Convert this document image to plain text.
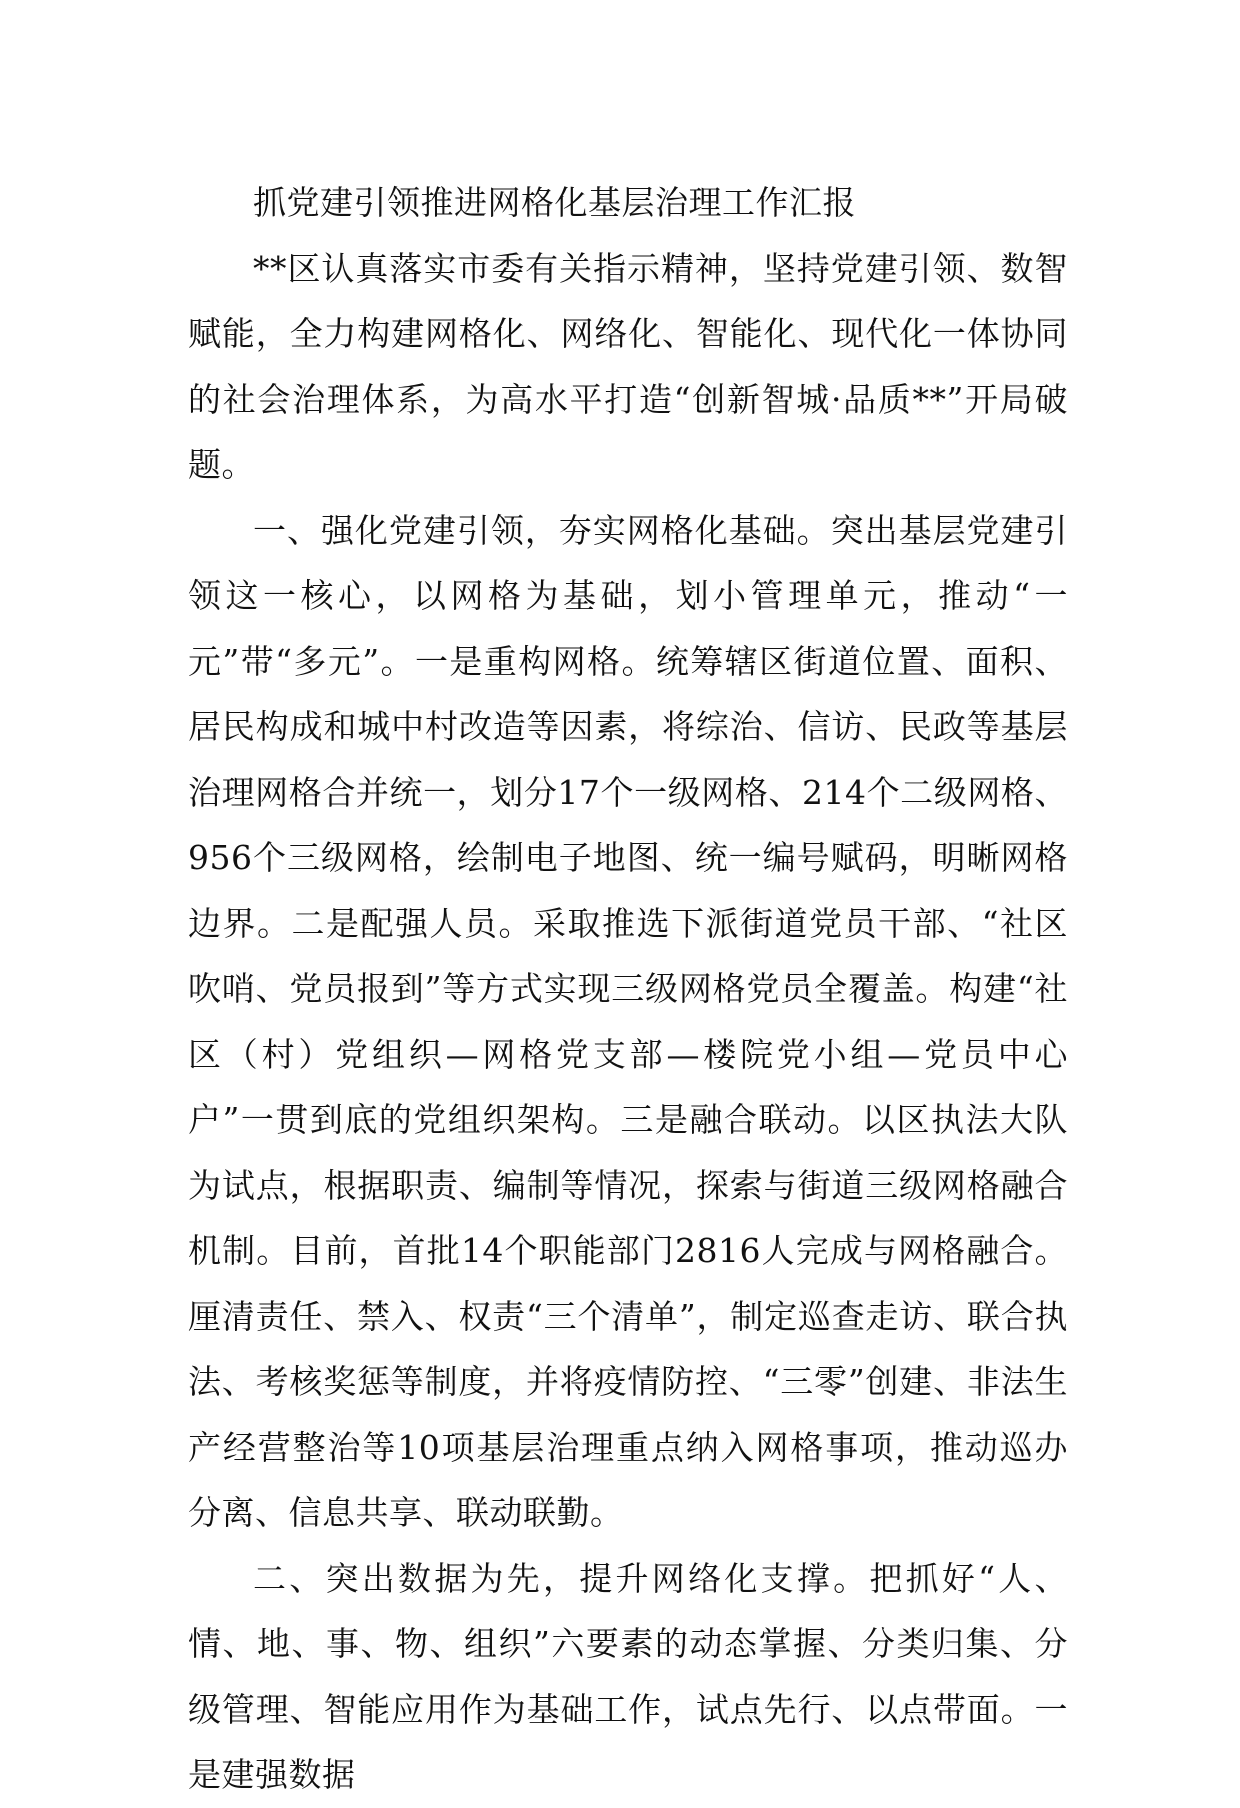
抓党建引领推进网格化基层治理工作汇报

**区认真落实市委有关指示精神，坚持党建引领、数智赋能，全力构建网格化、网络化、智能化、现代化一体协同的社会治理体系，为高水平打造“创新智城·品质**”开局破题。

一、强化党建引领，夯实网格化基础。突出基层党建引领这一核心，以网格为基础，划小管理单元，推动“一元”带“多元”。一是重构网格。统筹辖区街道位置、面积、居民构成和城中村改造等因素，将综治、信访、民政等基层治理网格合并统一，划分17个一级网格、214个二级网格、956个三级网格，绘制电子地图、统一编号赋码，明晰网格边界。二是配强人员。采取推选下派街道党员干部、“社区吹哨、党员报到”等方式实现三级网格党员全覆盖。构建“社区（村）党组织—网格党支部—楼院党小组—党员中心户”一贯到底的党组织架构。三是融合联动。以区执法大队为试点，根据职责、编制等情况，探索与街道三级网格融合机制。目前，首批14个职能部门2816人完成与网格融合。厘清责任、禁入、权责“三个清单”，制定巡查走访、联合执法、考核奖惩等制度，并将疫情防控、“三零”创建、非法生产经营整治等10项基层治理重点纳入网格事项，推动巡办分离、信息共享、联动联勤。

二、突出数据为先，提升网络化支撑。把抓好“人、情、地、事、物、组织”六要素的动态掌握、分类归集、分级管理、智能应用作为基础工作，试点先行、以点带面。一是建强数据
